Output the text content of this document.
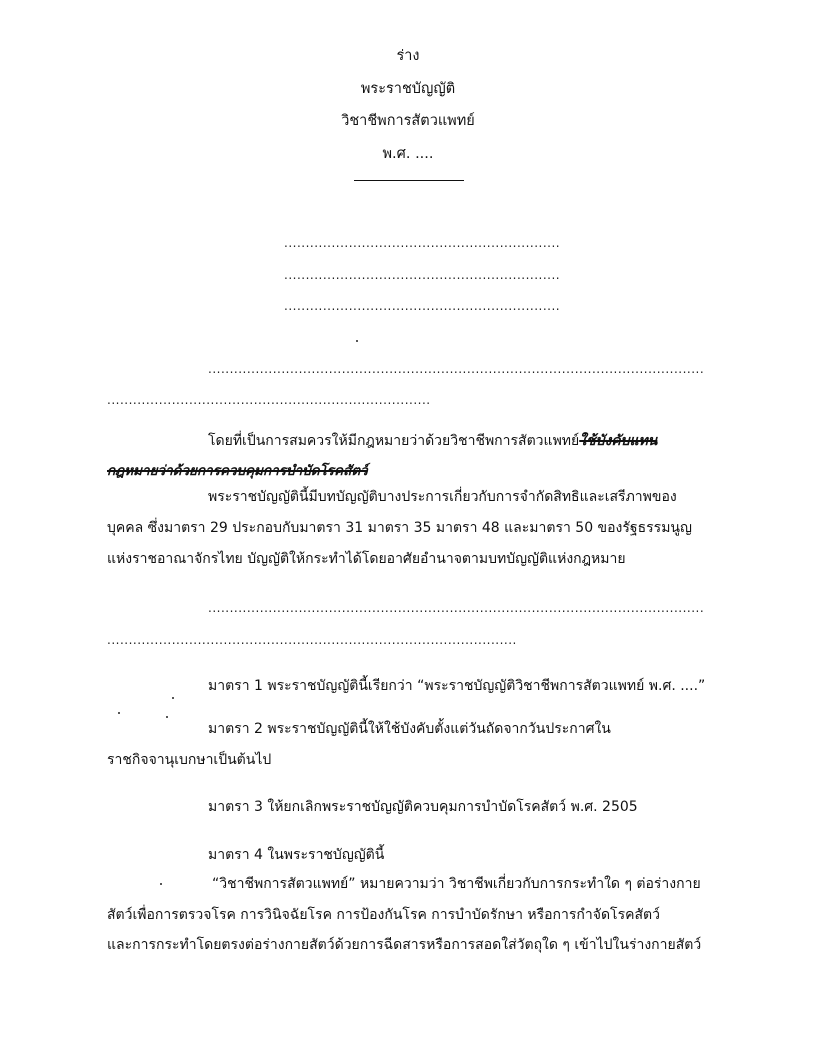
ร่าง
พระราชบัญญัติ
วิชาชีพการสัตวแพทย์
พ.ศ. ....
................................................................
................................................................
................................................................
...................................................................................................................
...........................................................................
โดยที่เป็นการสมควรให้มีกฎหมายว่าด้วยวิชาชีพการสัตวแพทย์ใช้บังคับแทน
กฎหมายว่าด้วยการควบคุมการบำบัดโรคสัตว์
พระราชบัญญัตินี้มีบทบัญญัติบางประการเกี่ยวกับการจำกัดสิทธิและเสรีภาพของ
บุคคล ซึ่งมาตรา 29 ประกอบกับมาตรา 31 มาตรา 35 มาตรา 48 และมาตรา 50 ของรัฐธรรมนูญ
แห่งราชอาณาจักรไทย บัญญัติให้กระทำได้โดยอาศัยอำนาจตามบทบัญญัติแห่งกฎหมาย
...................................................................................................................
...............................................................................................
มาตรา 1 พระราชบัญญัตินี้เรียกว่า “พระราชบัญญัติวิชาชีพการสัตวแพทย์ พ.ศ. ....”
มาตรา 2 พระราชบัญญัตินี้ให้ใช้บังคับตั้งแต่วันถัดจากวันประกาศใน
ราชกิจจานุเบกษาเป็นต้นไป
มาตรา 3 ให้ยกเลิกพระราชบัญญัติควบคุมการบำบัดโรคสัตว์ พ.ศ. 2505
มาตรา 4 ในพระราชบัญญัตินี้
“วิชาชีพการสัตวแพทย์” หมายความว่า วิชาชีพเกี่ยวกับการกระทำใด ๆ ต่อร่างกาย
สัตว์เพื่อการตรวจโรค การวินิจฉัยโรค การป้องกันโรค การบำบัดรักษา หรือการกำจัดโรคสัตว์
และการกระทำโดยตรงต่อร่างกายสัตว์ด้วยการฉีดสารหรือการสอดใส่วัตถุใด ๆ เข้าไปในร่างกายสัตว์
